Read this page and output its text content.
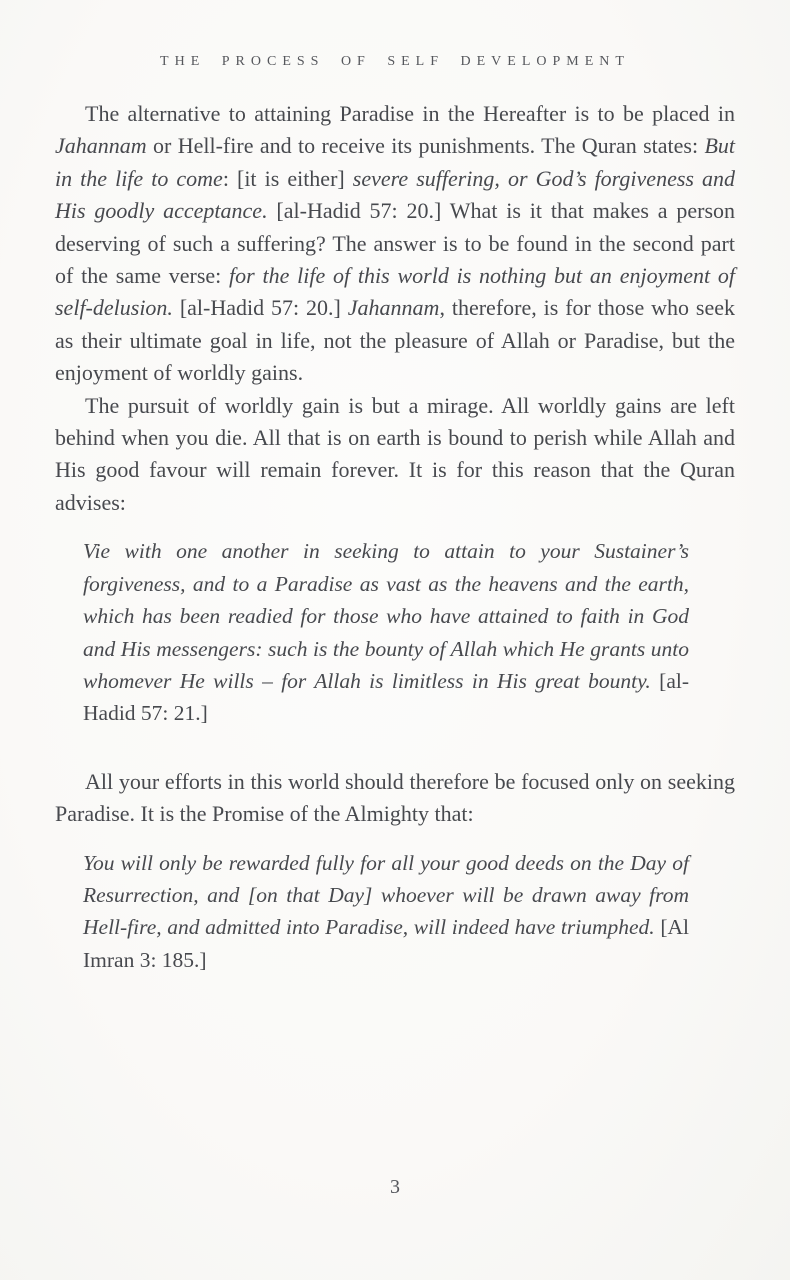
THE PROCESS OF SELF DEVELOPMENT

The alternative to attaining Paradise in the Hereafter is to be placed in Jahannam or Hell-fire and to receive its punishments. The Quran states: But in the life to come: [it is either] severe suffering, or God’s forgiveness and His goodly acceptance. [al-Hadid 57: 20.] What is it that makes a person deserving of such a suffering? The answer is to be found in the second part of the same verse: for the life of this world is nothing but an enjoyment of self-delusion. [al-Hadid 57: 20.] Jahannam, therefore, is for those who seek as their ultimate goal in life, not the pleasure of Allah or Paradise, but the enjoyment of worldly gains.

The pursuit of worldly gain is but a mirage. All worldly gains are left behind when you die. All that is on earth is bound to perish while Allah and His good favour will remain forever. It is for this reason that the Quran advises:

Vie with one another in seeking to attain to your Sustainer’s forgiveness, and to a Paradise as vast as the heavens and the earth, which has been readied for those who have attained to faith in God and His messengers: such is the bounty of Allah which He grants unto whomever He wills – for Allah is limitless in His great bounty. [al-Hadid 57: 21.]

All your efforts in this world should therefore be focused only on seeking Paradise. It is the Promise of the Almighty that:

You will only be rewarded fully for all your good deeds on the Day of Resurrection, and [on that Day] whoever will be drawn away from Hell-fire, and admitted into Paradise, will indeed have triumphed. [Al Imran 3: 185.]
3
